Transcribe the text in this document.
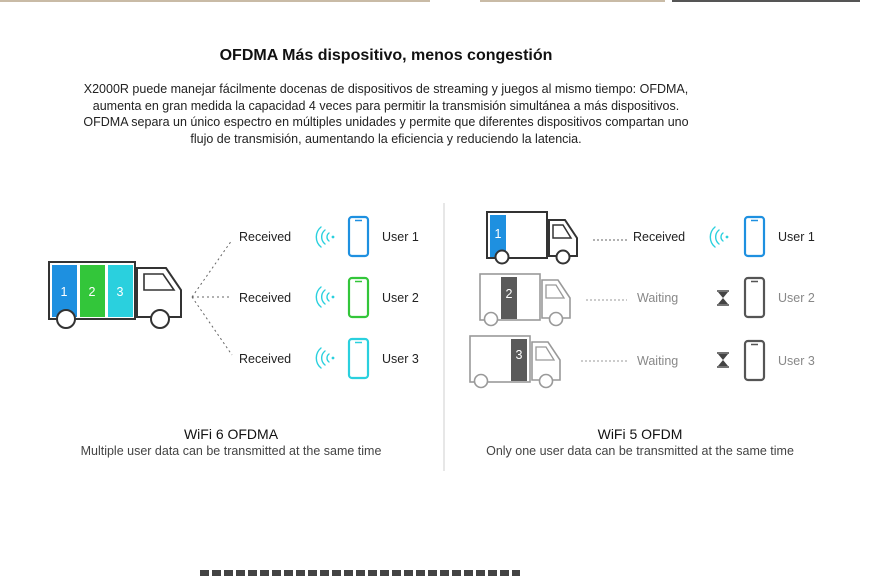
OFDMA Más dispositivo, menos congestión
X2000R puede manejar fácilmente docenas de dispositivos de streaming y juegos al mismo tiempo: OFDMA,
aumenta en gran medida la capacidad 4 veces para permitir la transmisión simultánea a más dispositivos.
OFDMA separa un único espectro en múltiples unidades y permite que diferentes dispositivos compartan uno
flujo de transmisión, aumentando la eficiencia y reduciendo la latencia.
1 2 3
Received	User 1
Received	User 2
Received	User 3
1
2
3
Received	User 1
Waiting	User 2
Waiting	User 3
WiFi 6 OFDMA
Multiple user data can be transmitted at the same time
WiFi 5 OFDM
Only one user data can be transmitted at the same time
